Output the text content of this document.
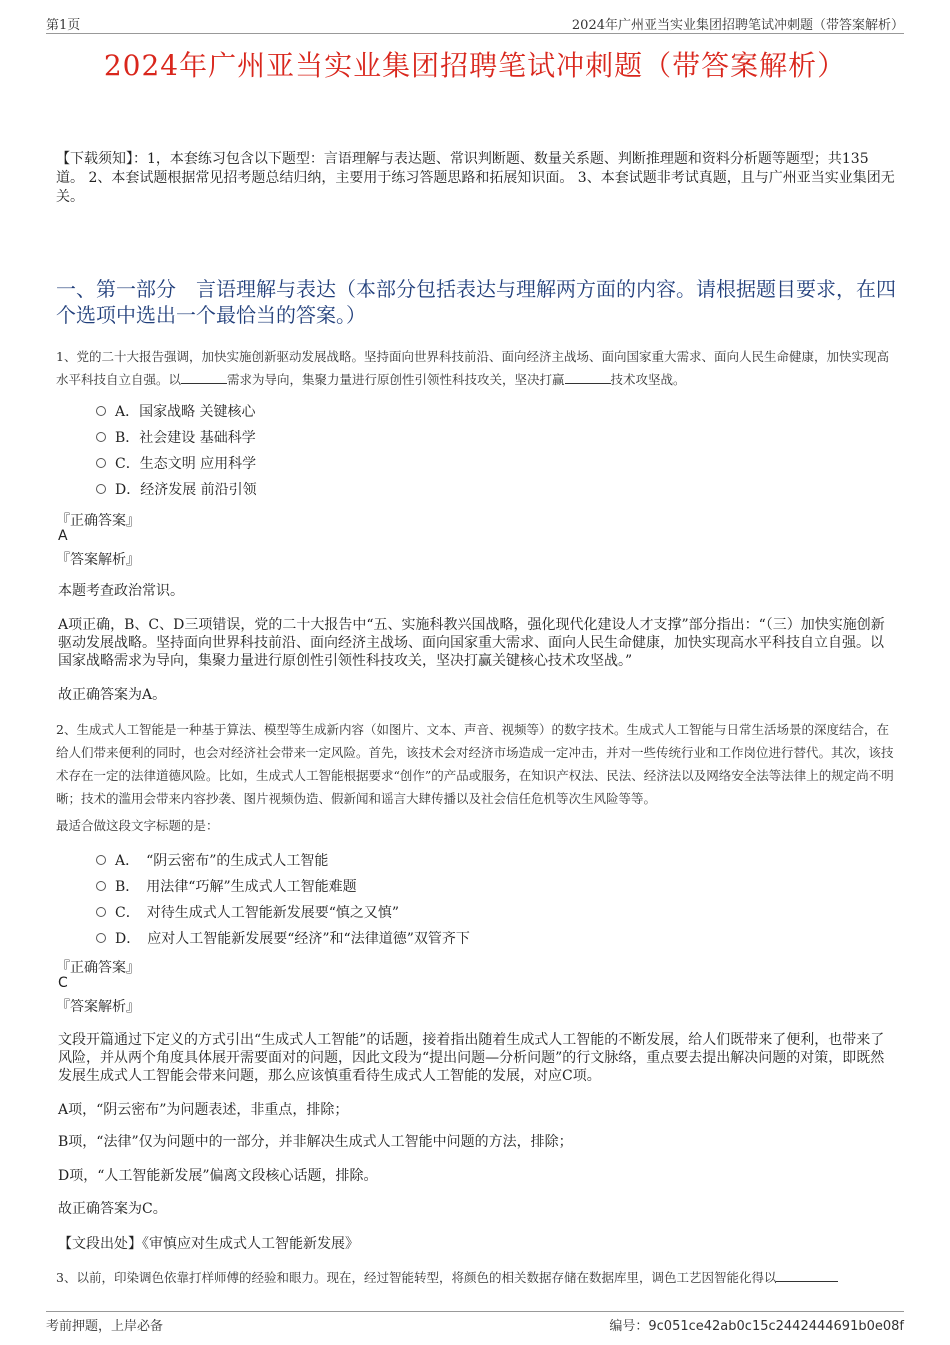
第1页	2024年广州亚当实业集团招聘笔试冲刺题（带答案解析）
2024年广州亚当实业集团招聘笔试冲刺题（带答案解析）
【下载须知】：1，本套练习包含以下题型：言语理解与表达题、常识判断题、数量关系题、判断推理题和资料分析题等题型；共135道。 2、本套试题根据常见招考题总结归纳，主要用于练习答题思路和拓展知识面。 3、本套试题非考试真题，且与广州亚当实业集团无关。
一、第一部分　言语理解与表达（本部分包括表达与理解两方面的内容。请根据题目要求，在四个选项中选出一个最恰当的答案。）
1、党的二十大报告强调，加快实施创新驱动发展战略。坚持面向世界科技前沿、面向经济主战场、面向国家重大需求、面向人民生命健康，加快实现高水平科技自立自强。以	需求为导向，集聚力量进行原创性引领性科技攻关，坚决打赢	技术攻坚战。
A．国家战略 关键核心
B．社会建设 基础科学
C．生态文明 应用科学
D．经济发展 前沿引领
『正确答案』
A
『答案解析』
本题考查政治常识。
A项正确，B、C、D三项错误，党的二十大报告中“五、实施科教兴国战略，强化现代化建设人才支撑”部分指出：“（三）加快实施创新驱动发展战略。坚持面向世界科技前沿、面向经济主战场、面向国家重大需求、面向人民生命健康，加快实现高水平科技自立自强。以国家战略需求为导向，集聚力量进行原创性引领性科技攻关，坚决打赢关键核心技术攻坚战。”
故正确答案为A。
2、生成式人工智能是一种基于算法、模型等生成新内容（如图片、文本、声音、视频等）的数字技术。生成式人工智能与日常生活场景的深度结合，在给人们带来便利的同时，也会对经济社会带来一定风险。首先，该技术会对经济市场造成一定冲击，并对一些传统行业和工作岗位进行替代。其次，该技术存在一定的法律道德风险。比如，生成式人工智能根据要求“创作”的产品或服务，在知识产权法、民法、经济法以及网络安全法等法律上的规定尚不明晰；技术的滥用会带来内容抄袭、图片视频伪造、假新闻和谣言大肆传播以及社会信任危机等次生风险等等。
最适合做这段文字标题的是：
A．　“阴云密布”的生成式人工智能
B．　用法律“巧解”生成式人工智能难题
C．　对待生成式人工智能新发展要“慎之又慎”
D．　应对人工智能新发展要“经济”和“法律道德”双管齐下
『正确答案』
C
『答案解析』
文段开篇通过下定义的方式引出“生成式人工智能”的话题，接着指出随着生成式人工智能的不断发展，给人们既带来了便利，也带来了风险，并从两个角度具体展开需要面对的问题，因此文段为“提出问题—分析问题”的行文脉络，重点要去提出解决问题的对策，即既然发展生成式人工智能会带来问题，那么应该慎重看待生成式人工智能的发展，对应C项。
A项，“阴云密布”为问题表述，非重点，排除；
B项，“法律”仅为问题中的一部分，并非解决生成式人工智能中问题的方法，排除；
D项，“人工智能新发展”偏离文段核心话题，排除。
故正确答案为C。
【文段出处】《审慎应对生成式人工智能新发展》
3、以前，印染调色依靠打样师傅的经验和眼力。现在，经过智能转型，将颜色的相关数据存储在数据库里，调色工艺因智能化得以
考前押题，上岸必备	编号：9c051ce42ab0c15c2442444691b0e08f
